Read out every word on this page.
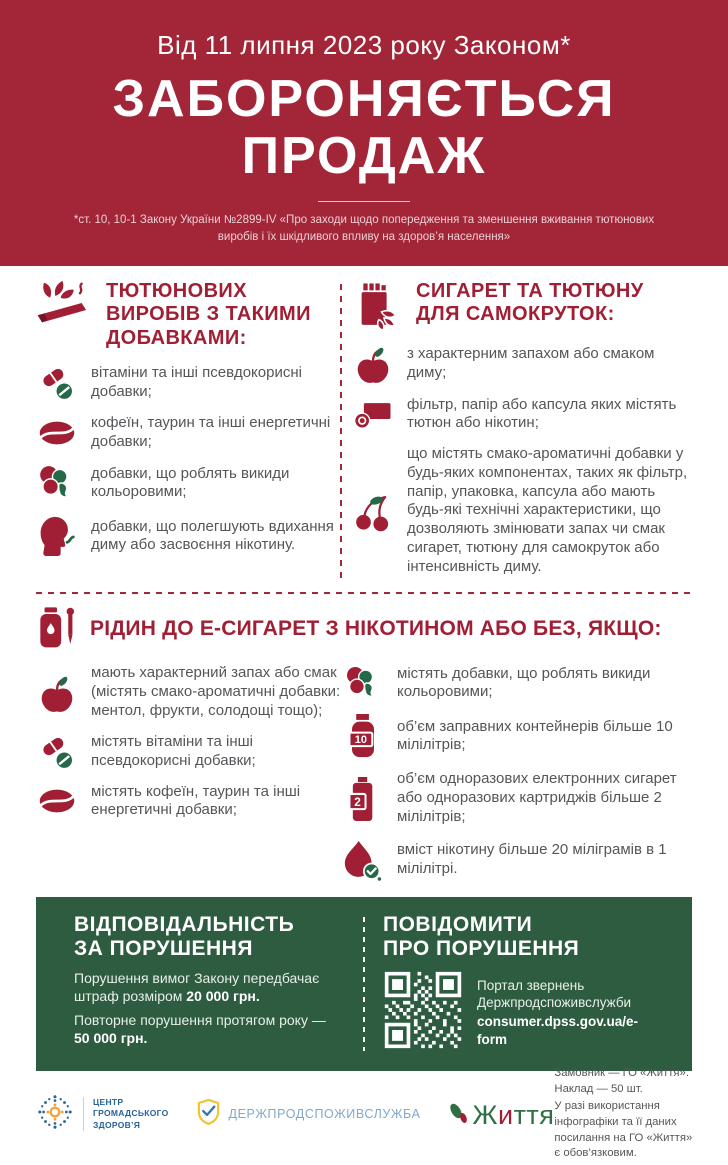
Від 11 липня 2023 року Законом*
ЗАБОРОНЯЄТЬСЯ
ПРОДАЖ

*ст. 10, 10-1 Закону України №2899-IV «Про заходи щодо попередження та зменшення вживання тютюнових виробів і їх шкідливого впливу на здоров’я населення»

ТЮТЮНОВИХ ВИРОБІВ З ТАКИМИ ДОБАВКАМИ:

вітаміни та інші псевдокорисні добавки;

кофеїн, таурин та інші енергетичні добавки;

добавки, що роблять викиди кольоровими;

добавки, що полегшують вдихання диму або засвоєння нікотину.

СИГАРЕТ ТА ТЮТЮНУ ДЛЯ САМОКРУТОК:

з характерним запахом або смаком диму;

фільтр, папір або капсула яких містять тютюн або нікотин;

що містять смако-ароматичні добавки у будь-яких компонентах, таких як фільтр, папір, упаковка, капсула або мають будь-які технічні характеристики, що дозволяють змінювати запах чи смак сигарет, тютюну для самокруток або інтенсивність диму.

РІДИН ДО Е-СИГАРЕТ З НІКОТИНОМ АБО БЕЗ, ЯКЩО:

мають характерний запах або смак (містять смако-ароматичні добавки: ментол, фрукти, солодощі тощо);

містять вітаміни та інші псевдокорисні добавки;

містять кофеїн, таурин та інші енергетичні добавки;

містять добавки, що роблять викиди кольоровими;

10

об’єм заправних контейнерів більше 10 мілілітрів;

2

об’єм одноразових електронних сигарет або одноразових картриджів більше 2 мілілітрів;

вміст нікотину більше 20 міліграмів в 1 мілілітрі.

ВІДПОВІДАЛЬНІСТЬ
ЗА ПОРУШЕННЯ

Порушення вимог Закону передбачає штраф розміром 20 000 грн.

Повторне порушення протягом року — 50 000 грн.

ПОВІДОМИТИ
ПРО ПОРУШЕННЯ
Портал звернень
Держпродспоживслужби
consumer.dpss.gov.ua/e-form
ЦЕНТР
ГРОМАДСЬКОГО
ЗДОРОВ’Я
ДЕРЖПРОДСПОЖИВСЛУЖБА Життя
Замовник — ГО «Життя». Наклад — 50 шт.
У разі використання інфографіки та її даних посилання на ГО «Життя» є обов’язковим.
